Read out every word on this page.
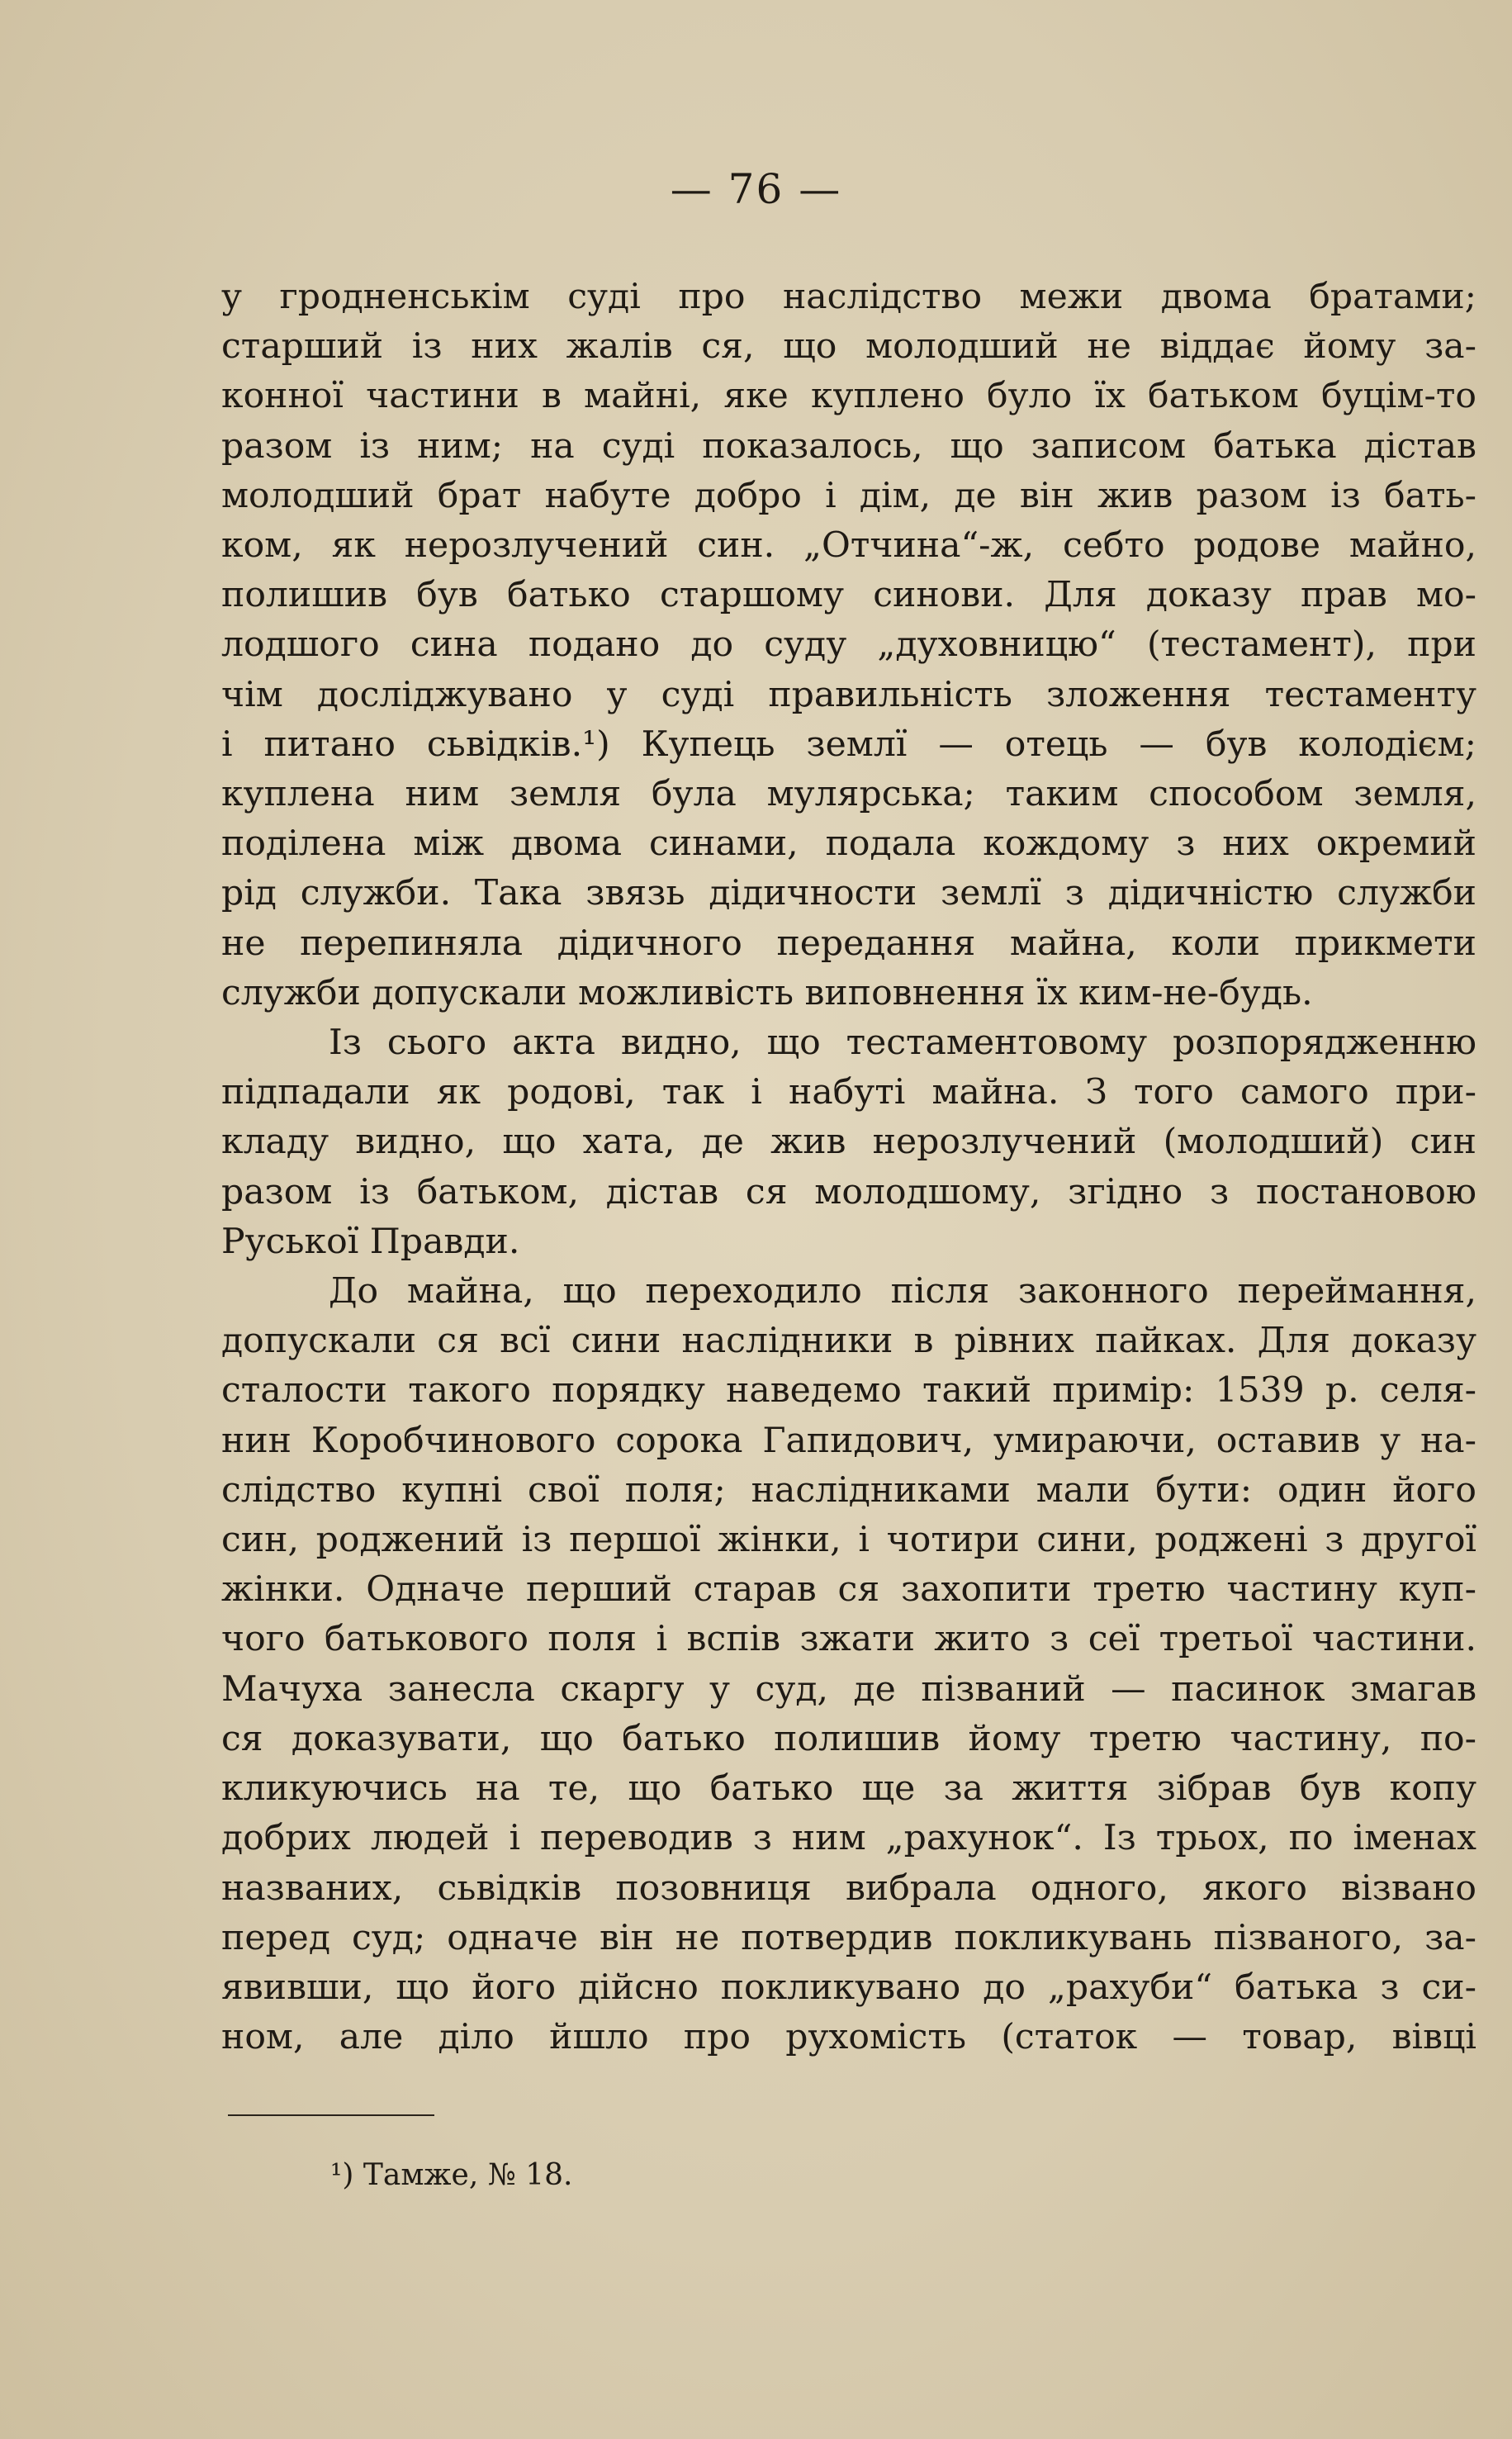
— 76 —
у гродненськім суді про наслідство межи двома братами;
старший із них жалів ся, що молодший не віддає йому за-
конної частини в майні, яке куплено було їх батьком буцім-то
разом із ним; на суді показалось, що записом батька дістав
молодший брат набуте добро і дім, де він жив разом із бать-
ком, як нерозлучений син. „Отчина“-ж, себто родове майно,
полишив був батько старшому синови. Для доказу прав мо-
лодшого сина подано до суду „духовницю“ (тестамент), при
чім досліджувано у суді правильність зложення тестаменту
і питано сьвідків.¹) Купець землї — отець — був колодієм;
куплена ним земля була мулярська; таким способом земля,
поділена між двома синами, подала кождому з них окремий
рід служби. Така звязь дідичности землї з дідичністю служби
не перепиняла дідичного передання майна, коли прикмети
служби допускали можливість виповнення їх ким-не-будь.
Із сього акта видно, що тестаментовому розпорядженню
підпадали як родові, так і набуті майна. З того самого при-
кладу видно, що хата, де жив нерозлучений (молодший) син
разом із батьком, дістав ся молодшому, згідно з постановою
Руської Правди.
До майна, що переходило після законного переймання,
допускали ся всї сини наслідники в рівних пайках. Для доказу
сталости такого порядку наведемо такий примір: 1539 р. селя-
нин Коробчинового сорока Гапидович, умираючи, оставив у на-
слідство купні свої поля; наслідниками мали бути: один його
син, роджений із першої жінки, і чотири сини, роджені з другої
жінки. Одначе перший старав ся захопити третю частину куп-
чого батькового поля і вспів зжати жито з сеї третьої частини.
Мачуха занесла скаргу у суд, де пізваний — пасинок змагав
ся доказувати, що батько полишив йому третю частину, по-
кликуючись на те, що батько ще за життя зібрав був копу
добрих людей і переводив з ним „рахунок“. Із трьох, по іменах
названих, сьвідків позовниця вибрала одного, якого візвано
перед суд; одначе він не потвердив покликувань пізваного, за-
явивши, що його дійсно покликувано до „рахуби“ батька з си-
ном, але діло йшло про рухомість (статок — товар, вівці
¹) Тамже, № 18.
